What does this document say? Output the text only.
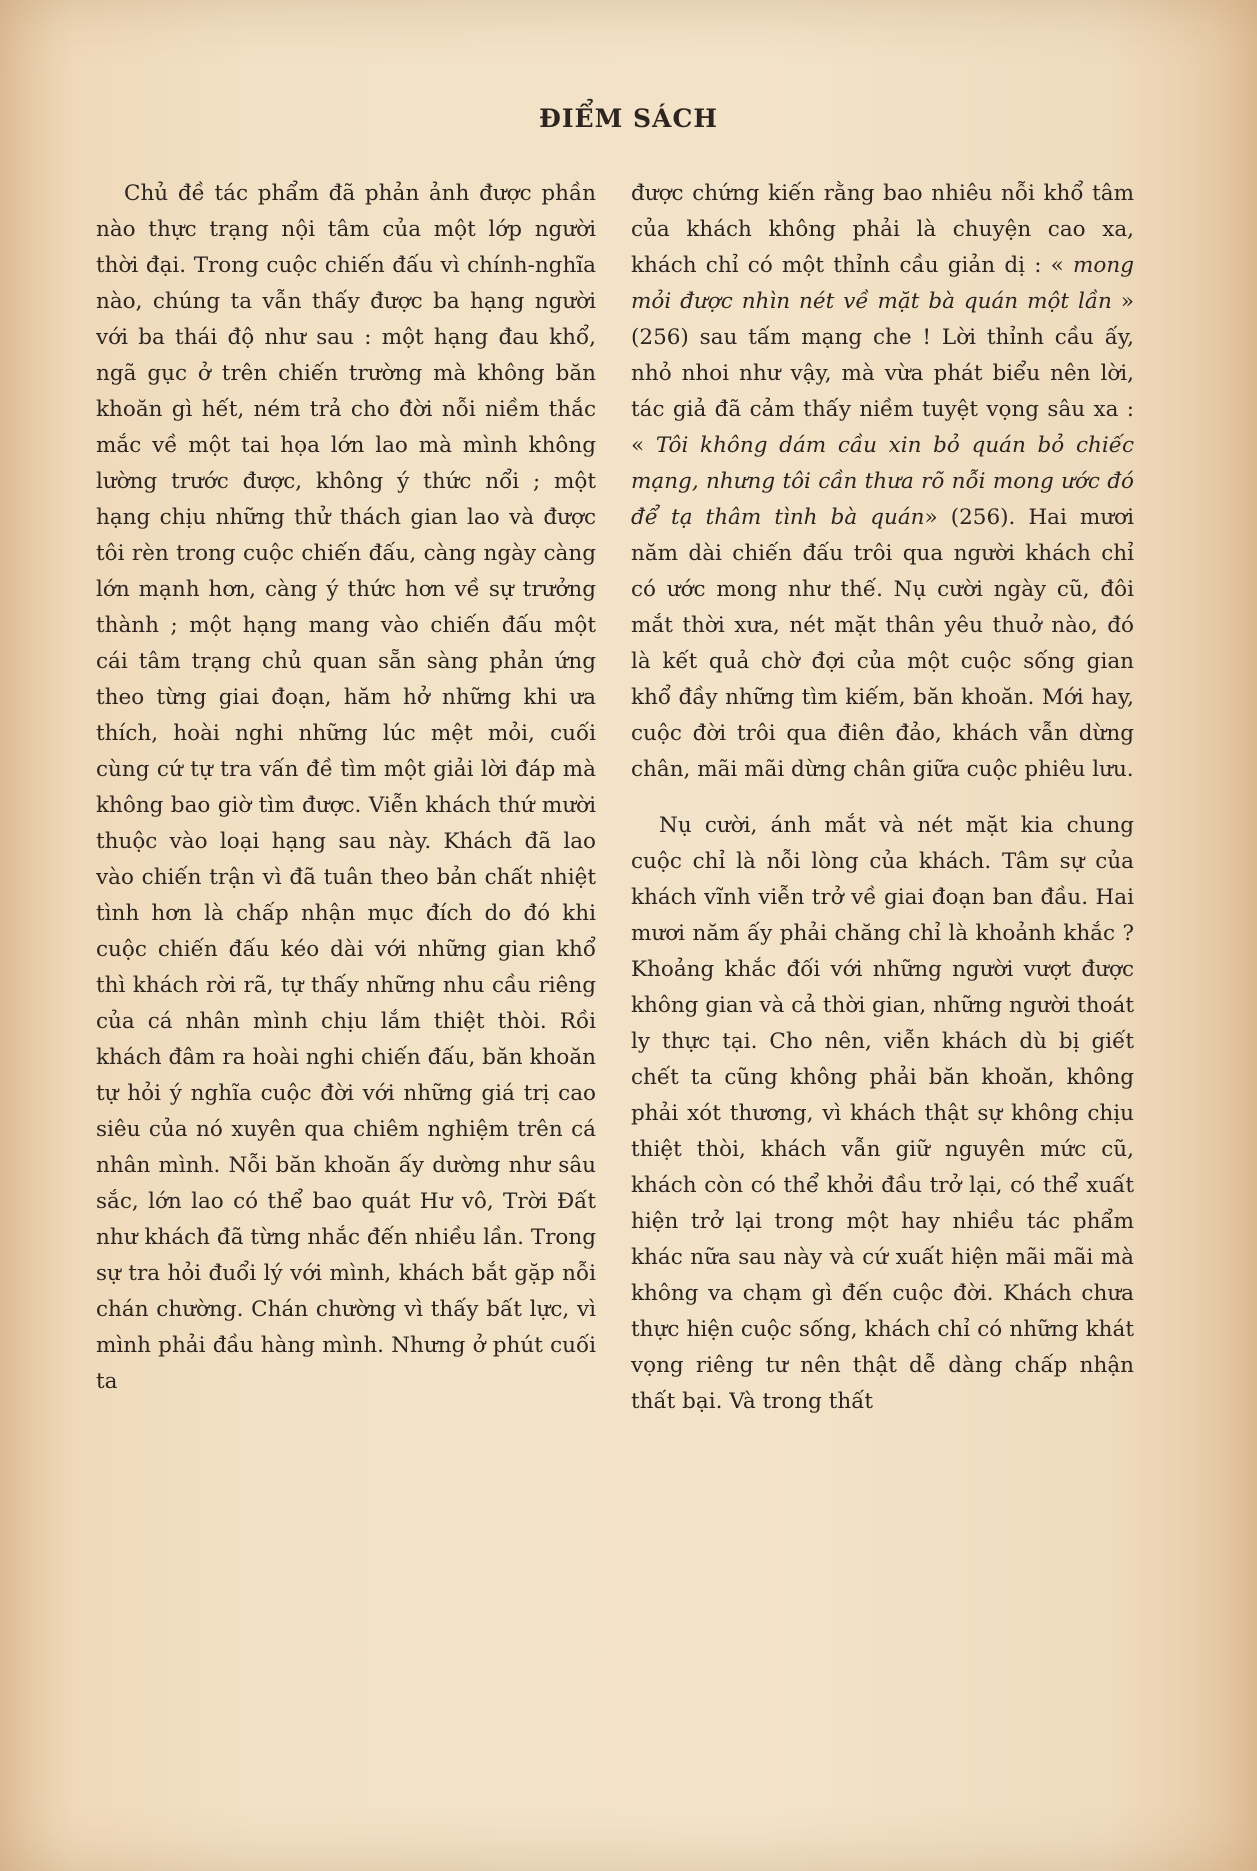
ĐIỂM SÁCH

Chủ đề tác phẩm đã phản ảnh được phần nào thực trạng nội tâm của một lớp người thời đại. Trong cuộc chiến đấu vì chính-nghĩa nào, chúng ta vẫn thấy được ba hạng người với ba thái độ như sau : một hạng đau khổ, ngã gục ở trên chiến trường mà không băn khoăn gì hết, ném trả cho đời nỗi niềm thắc mắc về một tai họa lớn lao mà mình không lường trước được, không ý thức nổi ; một hạng chịu những thử thách gian lao và được tôi rèn trong cuộc chiến đấu, càng ngày càng lớn mạnh hơn, càng ý thức hơn về sự trưởng thành ; một hạng mang vào chiến đấu một cái tâm trạng chủ quan sẵn sàng phản ứng theo từng giai đoạn, hăm hở những khi ưa thích, hoài nghi những lúc mệt mỏi, cuối cùng cứ tự tra vấn đề tìm một giải lời đáp mà không bao giờ tìm được. Viễn khách thứ mười thuộc vào loại hạng sau này. Khách đã lao vào chiến trận vì đã tuân theo bản chất nhiệt tình hơn là chấp nhận mục đích do đó khi cuộc chiến đấu kéo dài với những gian khổ thì khách rời rã, tự thấy những nhu cầu riêng của cá nhân mình chịu lắm thiệt thòi. Rồi khách đâm ra hoài nghi chiến đấu, băn khoăn tự hỏi ý nghĩa cuộc đời với những giá trị cao siêu của nó xuyên qua chiêm nghiệm trên cá nhân mình. Nỗi băn khoăn ấy dường như sâu sắc, lớn lao có thể bao quát Hư vô, Trời Đất như khách đã từng nhắc đến nhiều lần. Trong sự tra hỏi đuổi lý với mình, khách bắt gặp nỗi chán chường. Chán chường vì thấy bất lực, vì mình phải đầu hàng mình. Nhưng ở phút cuối ta

được chứng kiến rằng bao nhiêu nỗi khổ tâm của khách không phải là chuyện cao xa, khách chỉ có một thỉnh cầu giản dị : « mong mỏi được nhìn nét về mặt bà quán một lần » (256) sau tấm mạng che ! Lời thỉnh cầu ấy, nhỏ nhoi như vậy, mà vừa phát biểu nên lời, tác giả đã cảm thấy niềm tuyệt vọng sâu xa : « Tôi không dám cầu xin bỏ quán bỏ chiếc mạng, nhưng tôi cần thưa rõ nỗi mong ước đó để tạ thâm tình bà quán» (256). Hai mươi năm dài chiến đấu trôi qua người khách chỉ có ước mong như thế. Nụ cười ngày cũ, đôi mắt thời xưa, nét mặt thân yêu thuở nào, đó là kết quả chờ đợi của một cuộc sống gian khổ đầy những tìm kiếm, băn khoăn. Mới hay, cuộc đời trôi qua điên đảo, khách vẫn dừng chân, mãi mãi dừng chân giữa cuộc phiêu lưu.

Nụ cười, ánh mắt và nét mặt kia chung cuộc chỉ là nỗi lòng của khách. Tâm sự của khách vĩnh viễn trở về giai đoạn ban đầu. Hai mươi năm ấy phải chăng chỉ là khoảnh khắc ? Khoảng khắc đối với những người vượt được không gian và cả thời gian, những người thoát ly thực tại. Cho nên, viễn khách dù bị giết chết ta cũng không phải băn khoăn, không phải xót thương, vì khách thật sự không chịu thiệt thòi, khách vẫn giữ nguyên mức cũ, khách còn có thể khởi đầu trở lại, có thể xuất hiện trở lại trong một hay nhiều tác phẩm khác nữa sau này và cứ xuất hiện mãi mãi mà không va chạm gì đến cuộc đời. Khách chưa thực hiện cuộc sống, khách chỉ có những khát vọng riêng tư nên thật dễ dàng chấp nhận thất bại. Và trong thất
